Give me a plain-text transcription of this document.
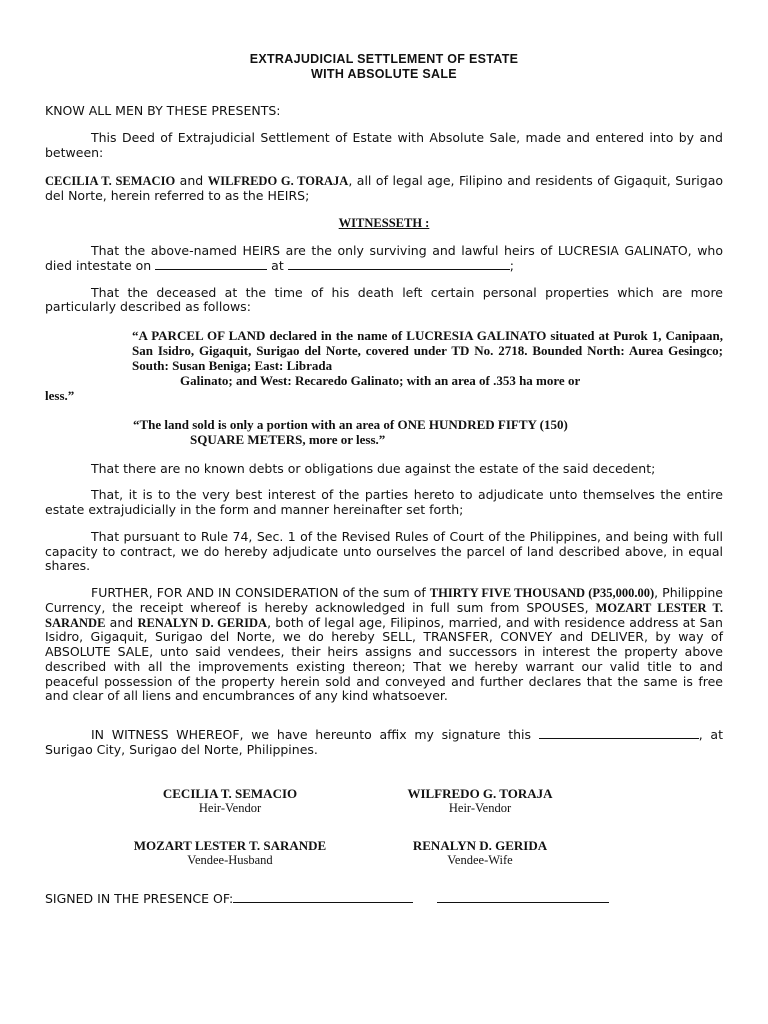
EXTRAJUDICIAL SETTLEMENT OF ESTATE
WITH ABSOLUTE SALE

KNOW ALL MEN BY THESE PRESENTS:

This Deed of Extrajudicial Settlement of Estate with Absolute Sale, made and entered into by and between:

CECILIA T. SEMACIO and WILFREDO G. TORAJA, all of legal age, Filipino and residents of Gigaquit, Surigao del Norte, herein referred to as the HEIRS;

WITNESSETH :

That the above-named HEIRS are the only surviving and lawful heirs of LUCRESIA GALINATO, who died intestate on	at	;

That the deceased at the time of his death left certain personal properties which are more particularly described as follows:

“A PARCEL OF LAND declared in the name of LUCRESIA GALINATO situated at Purok 1, Canipaan, San Isidro, Gigaquit, Surigao del Norte, covered under TD No. 2718. Bounded North: Aurea Gesingco; South: Susan Beniga; East: Librada
Galinato; and West: Recaredo Galinato; with an area of .353 ha more or
less.”
“The land sold is only a portion with an area of ONE HUNDRED FIFTY (150)
SQUARE METERS, more or less.”

That there are no known debts or obligations due against the estate of the said decedent;

That, it is to the very best interest of the parties hereto to adjudicate unto themselves the entire estate extrajudicially in the form and manner hereinafter set forth;

That pursuant to Rule 74, Sec. 1 of the Revised Rules of Court of the Philippines, and being with full capacity to contract, we do hereby adjudicate unto ourselves the parcel of land described above, in equal shares.

FURTHER, FOR AND IN CONSIDERATION of the sum of THIRTY FIVE THOUSAND (P35,000.00), Philippine Currency, the receipt whereof is hereby acknowledged in full sum from SPOUSES, MOZART LESTER T. SARANDE and RENALYN D. GERIDA, both of legal age, Filipinos, married, and with residence address at San Isidro, Gigaquit, Surigao del Norte, we do hereby SELL, TRANSFER, CONVEY and DELIVER, by way of ABSOLUTE SALE, unto said vendees, their heirs assigns and successors in interest the property above described with all the improvements existing thereon; That we hereby warrant our valid title to and peaceful possession of the property herein sold and conveyed and further declares that the same is free and clear of all liens and encumbrances of any kind whatsoever.

IN WITNESS WHEREOF, we have hereunto affix my signature this	, at Surigao City, Surigao del Norte, Philippines.

CECILIA T. SEMACIO
Heir-Vendor
WILFREDO G. TORAJA
Heir-Vendor
MOZART LESTER T. SARANDE
Vendee-Husband
RENALYN D. GERIDA
Vendee-Wife

SIGNED IN THE PRESENCE OF:
